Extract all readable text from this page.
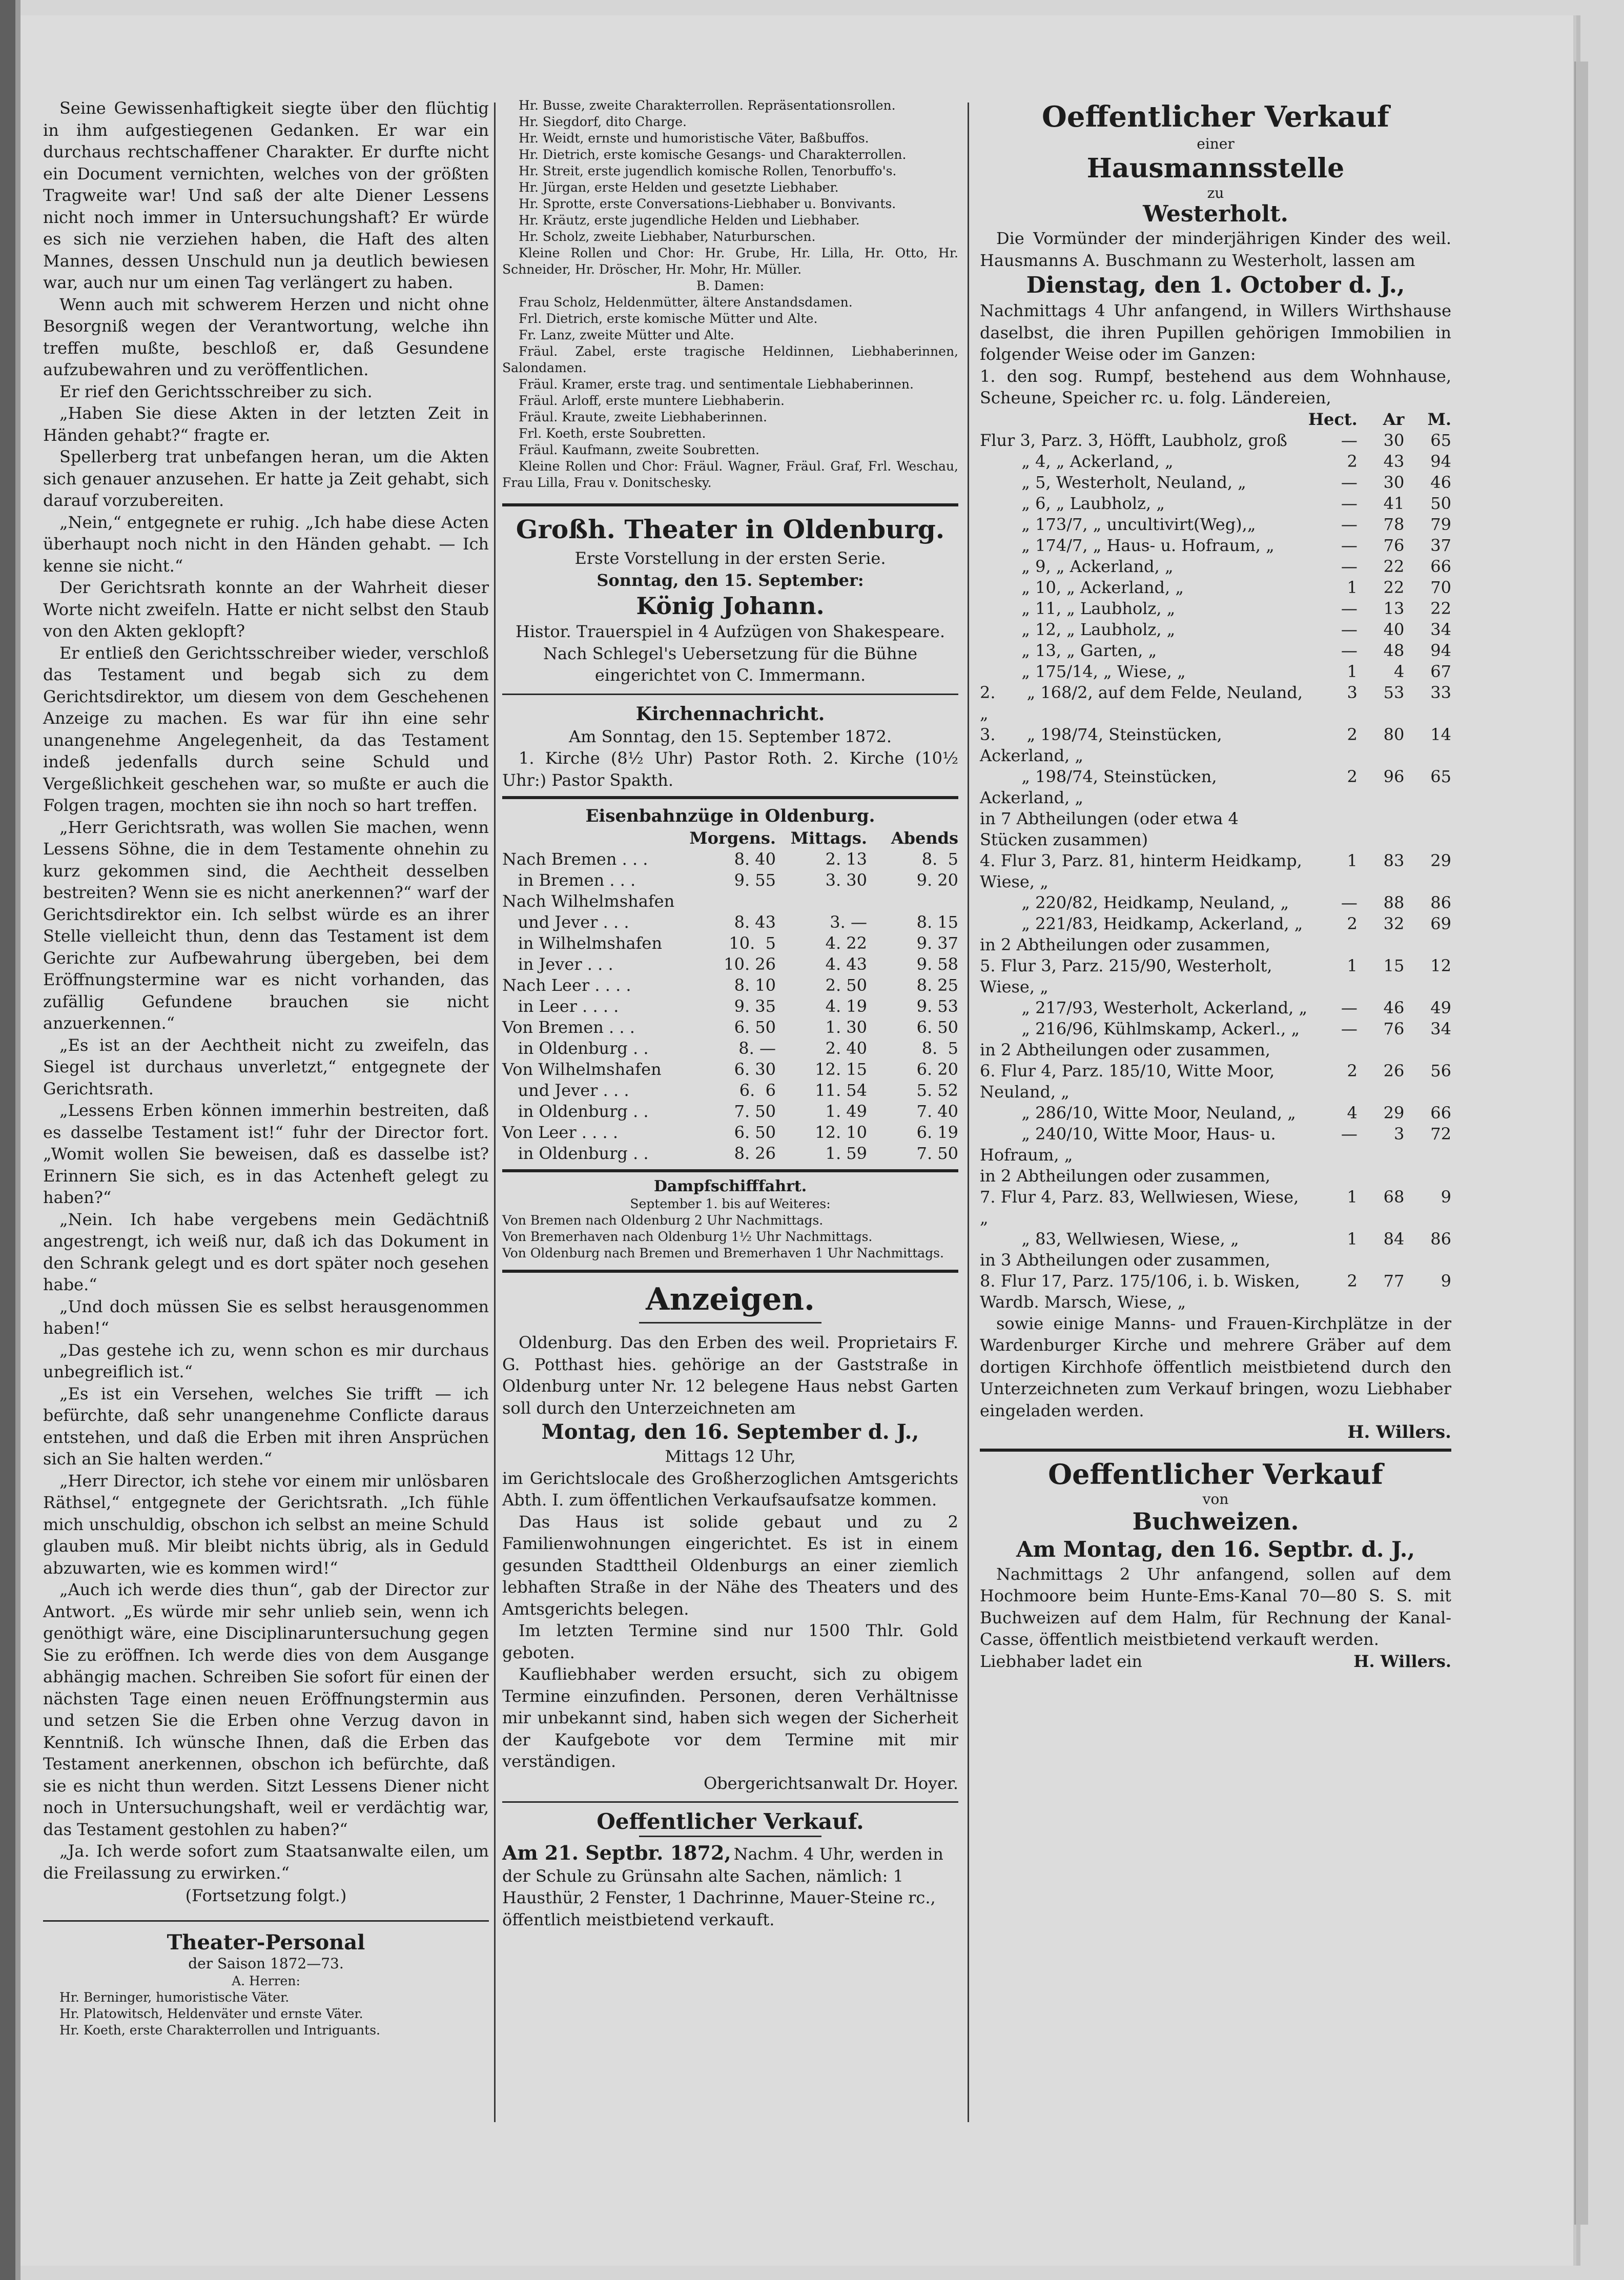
Seine Gewissenhaftigkeit siegte über den flüchtig in ihm aufgestiegenen Gedanken. Er war ein durchaus rechtschaffener Charakter. Er durfte nicht ein Document vernichten, welches von der größten Tragweite war! Und saß der alte Diener Lessens nicht noch immer in Untersuchungshaft? Er würde es sich nie verziehen haben, die Haft des alten Mannes, dessen Unschuld nun ja deutlich bewiesen war, auch nur um einen Tag verlängert zu haben.

Wenn auch mit schwerem Herzen und nicht ohne Besorgniß wegen der Verantwortung, welche ihn treffen mußte, beschloß er, daß Gesundene aufzubewahren und zu veröffentlichen.

Er rief den Gerichtsschreiber zu sich.

„Haben Sie diese Akten in der letzten Zeit in Händen gehabt?“ fragte er.

Spellerberg trat unbefangen heran, um die Akten sich genauer anzusehen. Er hatte ja Zeit gehabt, sich darauf vorzubereiten.

„Nein,“ entgegnete er ruhig. „Ich habe diese Acten überhaupt noch nicht in den Händen gehabt. — Ich kenne sie nicht.“

Der Gerichtsrath konnte an der Wahrheit dieser Worte nicht zweifeln. Hatte er nicht selbst den Staub von den Akten geklopft?

Er entließ den Gerichtsschreiber wieder, verschloß das Testament und begab sich zu dem Gerichtsdirektor, um diesem von dem Geschehenen Anzeige zu machen. Es war für ihn eine sehr unangenehme Angelegenheit, da das Testament indeß jedenfalls durch seine Schuld und Vergeßlichkeit geschehen war, so mußte er auch die Folgen tragen, mochten sie ihn noch so hart treffen.

„Herr Gerichtsrath, was wollen Sie machen, wenn Lessens Söhne, die in dem Testamente ohnehin zu kurz gekommen sind, die Aechtheit desselben bestreiten? Wenn sie es nicht anerkennen?“ warf der Gerichtsdirektor ein. Ich selbst würde es an ihrer Stelle vielleicht thun, denn das Testament ist dem Gerichte zur Aufbewahrung übergeben, bei dem Eröffnungstermine war es nicht vorhanden, das zufällig Gefundene brauchen sie nicht anzuerkennen.“

„Es ist an der Aechtheit nicht zu zweifeln, das Siegel ist durchaus unverletzt,“ entgegnete der Gerichtsrath.

„Lessens Erben können immerhin bestreiten, daß es dasselbe Testament ist!“ fuhr der Director fort. „Womit wollen Sie beweisen, daß es dasselbe ist? Erinnern Sie sich, es in das Actenheft gelegt zu haben?“

„Nein. Ich habe vergebens mein Gedächtniß angestrengt, ich weiß nur, daß ich das Dokument in den Schrank gelegt und es dort später noch gesehen habe.“

„Und doch müssen Sie es selbst herausgenommen haben!“

„Das gestehe ich zu, wenn schon es mir durchaus unbegreiflich ist.“

„Es ist ein Versehen, welches Sie trifft — ich befürchte, daß sehr unangenehme Conflicte daraus entstehen, und daß die Erben mit ihren Ansprüchen sich an Sie halten werden.“

„Herr Director, ich stehe vor einem mir unlösbaren Räthsel,“ entgegnete der Gerichtsrath. „Ich fühle mich unschuldig, obschon ich selbst an meine Schuld glauben muß. Mir bleibt nichts übrig, als in Geduld abzuwarten, wie es kommen wird!“

„Auch ich werde dies thun“, gab der Director zur Antwort. „Es würde mir sehr unlieb sein, wenn ich genöthigt wäre, eine Disciplinaruntersuchung gegen Sie zu eröffnen. Ich werde dies von dem Ausgange abhängig machen. Schreiben Sie sofort für einen der nächsten Tage einen neuen Eröffnungstermin aus und setzen Sie die Erben ohne Verzug davon in Kenntniß. Ich wünsche Ihnen, daß die Erben das Testament anerkennen, obschon ich befürchte, daß sie es nicht thun werden. Sitzt Lessens Diener nicht noch in Untersuchungshaft, weil er verdächtig war, das Testament gestohlen zu haben?“

„Ja. Ich werde sofort zum Staatsanwalte eilen, um die Freilassung zu erwirken.“

(Fortsetzung folgt.)

Theater-Personal

der Saison 1872—73.

A. Herren:

Hr. Berninger, humoristische Väter.

Hr. Platowitsch, Heldenväter und ernste Väter.

Hr. Koeth, erste Charakterrollen und Intriguants.

Hr. Busse, zweite Charakterrollen. Repräsentationsrollen.

Hr. Siegdorf, dito Charge.

Hr. Weidt, ernste und humoristische Väter, Baßbuffos.

Hr. Dietrich, erste komische Gesangs- und Charakterrollen.

Hr. Streit, erste jugendlich komische Rollen, Tenorbuffo's.

Hr. Jürgan, erste Helden und gesetzte Liebhaber.

Hr. Sprotte, erste Conversations-Liebhaber u. Bonvivants.

Hr. Kräutz, erste jugendliche Helden und Liebhaber.

Hr. Scholz, zweite Liebhaber, Naturburschen.

Kleine Rollen und Chor: Hr. Grube, Hr. Lilla, Hr. Otto, Hr. Schneider, Hr. Dröscher, Hr. Mohr, Hr. Müller.

B. Damen:

Frau Scholz, Heldenmütter, ältere Anstandsdamen.

Frl. Dietrich, erste komische Mütter und Alte.

Fr. Lanz, zweite Mütter und Alte.

Fräul. Zabel, erste tragische Heldinnen, Liebhaberinnen, Salondamen.

Fräul. Kramer, erste trag. und sentimentale Liebhaberinnen.

Fräul. Arloff, erste muntere Liebhaberin.

Fräul. Kraute, zweite Liebhaberinnen.

Frl. Koeth, erste Soubretten.

Fräul. Kaufmann, zweite Soubretten.

Kleine Rollen und Chor: Fräul. Wagner, Fräul. Graf, Frl. Weschau, Frau Lilla, Frau v. Donitschesky.

Großh. Theater in Oldenburg.

Erste Vorstellung in der ersten Serie.

Sonntag, den 15. September:

König Johann.

Histor. Trauerspiel in 4 Aufzügen von Shakespeare. Nach Schlegel's Uebersetzung für die Bühne eingerichtet von C. Immermann.

Kirchennachricht.

Am Sonntag, den 15. September 1872.

1. Kirche (8½ Uhr) Pastor Roth. 2. Kirche (10½ Uhr:) Pastor Spakth.

Eisenbahnzüge in Oldenburg.

	Morgens.	Mittags.	Abends
Nach Bremen . . .	8. 40	2. 13	8.  5
in Bremen . . .	9. 55	3. 30	9. 20
Nach Wilhelmshafen			
und Jever . . .	8. 43	3. —	8. 15
in Wilhelmshafen	10.  5	4. 22	9. 37
in Jever . . .	10. 26	4. 43	9. 58
Nach Leer . . . .	8. 10	2. 50	8. 25
in Leer . . . .	9. 35	4. 19	9. 53
Von Bremen . . .	6. 50	1. 30	6. 50
in Oldenburg . .	8. —	2. 40	8.  5
Von Wilhelmshafen	6. 30	12. 15	6. 20
und Jever . . .	6.  6	11. 54	5. 52
in Oldenburg . .	7. 50	1. 49	7. 40
Von Leer . . . .	6. 50	12. 10	6. 19
in Oldenburg . .	8. 26	1. 59	7. 50

Dampfschifffahrt.

September 1. bis auf Weiteres:

Von Bremen nach Oldenburg 2 Uhr Nachmittags.

Von Bremerhaven nach Oldenburg 1½ Uhr Nachmittags.

Von Oldenburg nach Bremen und Bremerhaven 1 Uhr Nachmittags.

Anzeigen.

Oldenburg. Das den Erben des weil. Proprietairs F. G. Potthast hies. gehörige an der Gaststraße in Oldenburg unter Nr. 12 belegene Haus nebst Garten soll durch den Unterzeichneten am

Montag, den 16. September d. J.,

Mittags 12 Uhr,

im Gerichtslocale des Großherzoglichen Amtsgerichts Abth. I. zum öffentlichen Verkaufsaufsatze kommen.

Das Haus ist solide gebaut und zu 2 Familienwohnungen eingerichtet. Es ist in einem gesunden Stadttheil Oldenburgs an einer ziemlich lebhaften Straße in der Nähe des Theaters und des Amtsgerichts belegen.

Im letzten Termine sind nur 1500 Thlr. Gold geboten.

Kaufliebhaber werden ersucht, sich zu obigem Termine einzufinden. Personen, deren Verhältnisse mir unbekannt sind, haben sich wegen der Sicherheit der Kaufgebote vor dem Termine mit mir verständigen.

Obergerichtsanwalt Dr. Hoyer.

Oeffentlicher Verkauf.

Am 21. Septbr. 1872,

Nachm. 4 Uhr, werden in der Schule zu Grünsahn alte Sachen, nämlich: 1 Hausthür, 2 Fenster, 1 Dachrinne, Mauer-Steine rc., öffentlich meistbietend verkauft.

Oeffentlicher Verkauf

einer

Hausmannsstelle

zu

Westerholt.

Die Vormünder der minderjährigen Kinder des weil. Hausmanns A. Buschmann zu Westerholt, lassen am

Dienstag, den 1. October d. J.,

Nachmittags 4 Uhr anfangend, in Willers Wirthshause daselbst, die ihren Pupillen gehörigen Immobilien in folgender Weise oder im Ganzen:

1. den sog. Rumpf, bestehend aus dem Wohnhause, Scheune, Speicher rc. u. folg. Ländereien,

	Hect.	Ar	M.
Flur 3, Parz. 3, Höfft, Laubholz, groß	—	30	65
„ 4, „ Ackerland, „	2	43	94
„ 5, Westerholt, Neuland, „	—	30	46
„ 6, „ Laubholz, „	—	41	50
„ 173/7, „ uncultivirt(Weg),„	—	78	79
„ 174/7, „ Haus- u. Hofraum, „	—	76	37
„ 9, „ Ackerland, „	—	22	66
„ 10, „ Ackerland, „	1	22	70
„ 11, „ Laubholz, „	—	13	22
„ 12, „ Laubholz, „	—	40	34
„ 13, „ Garten, „	—	48	94
„ 175/14, „ Wiese, „	1	4	67
2.      „ 168/2, auf dem Felde, Neuland, „	3	53	33
3.      „ 198/74, Steinstücken, Ackerland, „	2	80	14
„ 198/74, Steinstücken, Ackerland, „	2	96	65
in 7 Abtheilungen (oder etwa 4 Stücken zusammen)			
4. Flur 3, Parz. 81, hinterm Heidkamp, Wiese, „	1	83	29
„ 220/82, Heidkamp, Neuland, „	—	88	86
„ 221/83, Heidkamp, Ackerland, „	2	32	69
in 2 Abtheilungen oder zusammen,			
5. Flur 3, Parz. 215/90, Westerholt, Wiese, „	1	15	12
„ 217/93, Westerholt, Ackerland, „	—	46	49
„ 216/96, Kühlmskamp, Ackerl., „	—	76	34
in 2 Abtheilungen oder zusammen,			
6. Flur 4, Parz. 185/10, Witte Moor, Neuland, „	2	26	56
„ 286/10, Witte Moor, Neuland, „	4	29	66
„ 240/10, Witte Moor, Haus- u. Hofraum, „	—	3	72
in 2 Abtheilungen oder zusammen,			
7. Flur 4, Parz. 83, Wellwiesen, Wiese, „	1	68	9
„ 83, Wellwiesen, Wiese, „	1	84	86
in 3 Abtheilungen oder zusammen,			
8. Flur 17, Parz. 175/106, i. b. Wisken, Wardb. Marsch, Wiese, „	2	77	9

sowie einige Manns- und Frauen-Kirchplätze in der Wardenburger Kirche und mehrere Gräber auf dem dortigen Kirchhofe öffentlich meistbietend durch den Unterzeichneten zum Verkauf bringen, wozu Liebhaber eingeladen werden.

H. Willers.

Oeffentlicher Verkauf

von

Buchweizen.

Am Montag, den 16. Septbr. d. J.,

Nachmittags 2 Uhr anfangend, sollen auf dem Hochmoore beim Hunte-Ems-Kanal 70—80 S. S. mit Buchweizen auf dem Halm, für Rechnung der Kanal-Casse, öffentlich meistbietend verkauft werden.

Liebhaber ladet ein	H. Willers.
